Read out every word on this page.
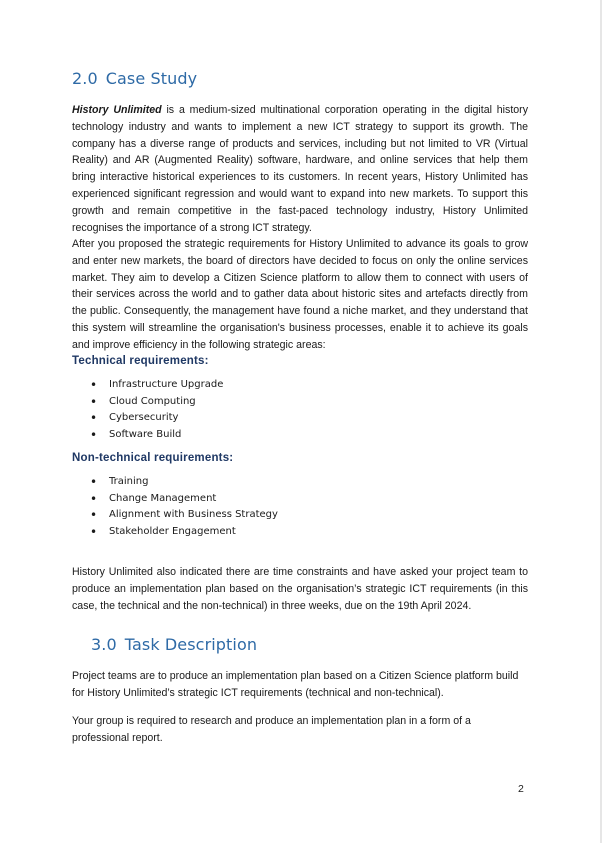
2.0 Case Study

History Unlimited is a medium-sized multinational corporation operating in the digital history technology industry and wants to implement a new ICT strategy to support its growth. The company has a diverse range of products and services, including but not limited to VR (Virtual Reality) and AR (Augmented Reality) software, hardware, and online services that help them bring interactive historical experiences to its customers. In recent years, History Unlimited has experienced significant regression and would want to expand into new markets. To support this growth and remain competitive in the fast-paced technology industry, History Unlimited recognises the importance of a strong ICT strategy.

After you proposed the strategic requirements for History Unlimited to advance its goals to grow and enter new markets, the board of directors have decided to focus on only the online services market. They aim to develop a Citizen Science platform to allow them to connect with users of their services across the world and to gather data about historic sites and artefacts directly from the public. Consequently, the management have found a niche market, and they understand that this system will streamline the organisation's business processes, enable it to achieve its goals and improve efficiency in the following strategic areas:

Technical requirements:
• Infrastructure Upgrade
• Cloud Computing
• Cybersecurity
• Software Build
Non-technical requirements:
• Training
• Change Management
• Alignment with Business Strategy
• Stakeholder Engagement

History Unlimited also indicated there are time constraints and have asked your project team to produce an implementation plan based on the organisation’s strategic ICT requirements (in this case, the technical and the non-technical) in three weeks, due on the 19th April 2024.

3.0 Task Description

Project teams are to produce an implementation plan based on a Citizen Science platform build for History Unlimited’s strategic ICT requirements (technical and non-technical).

Your group is required to research and produce an implementation plan in a form of a professional report.

2
